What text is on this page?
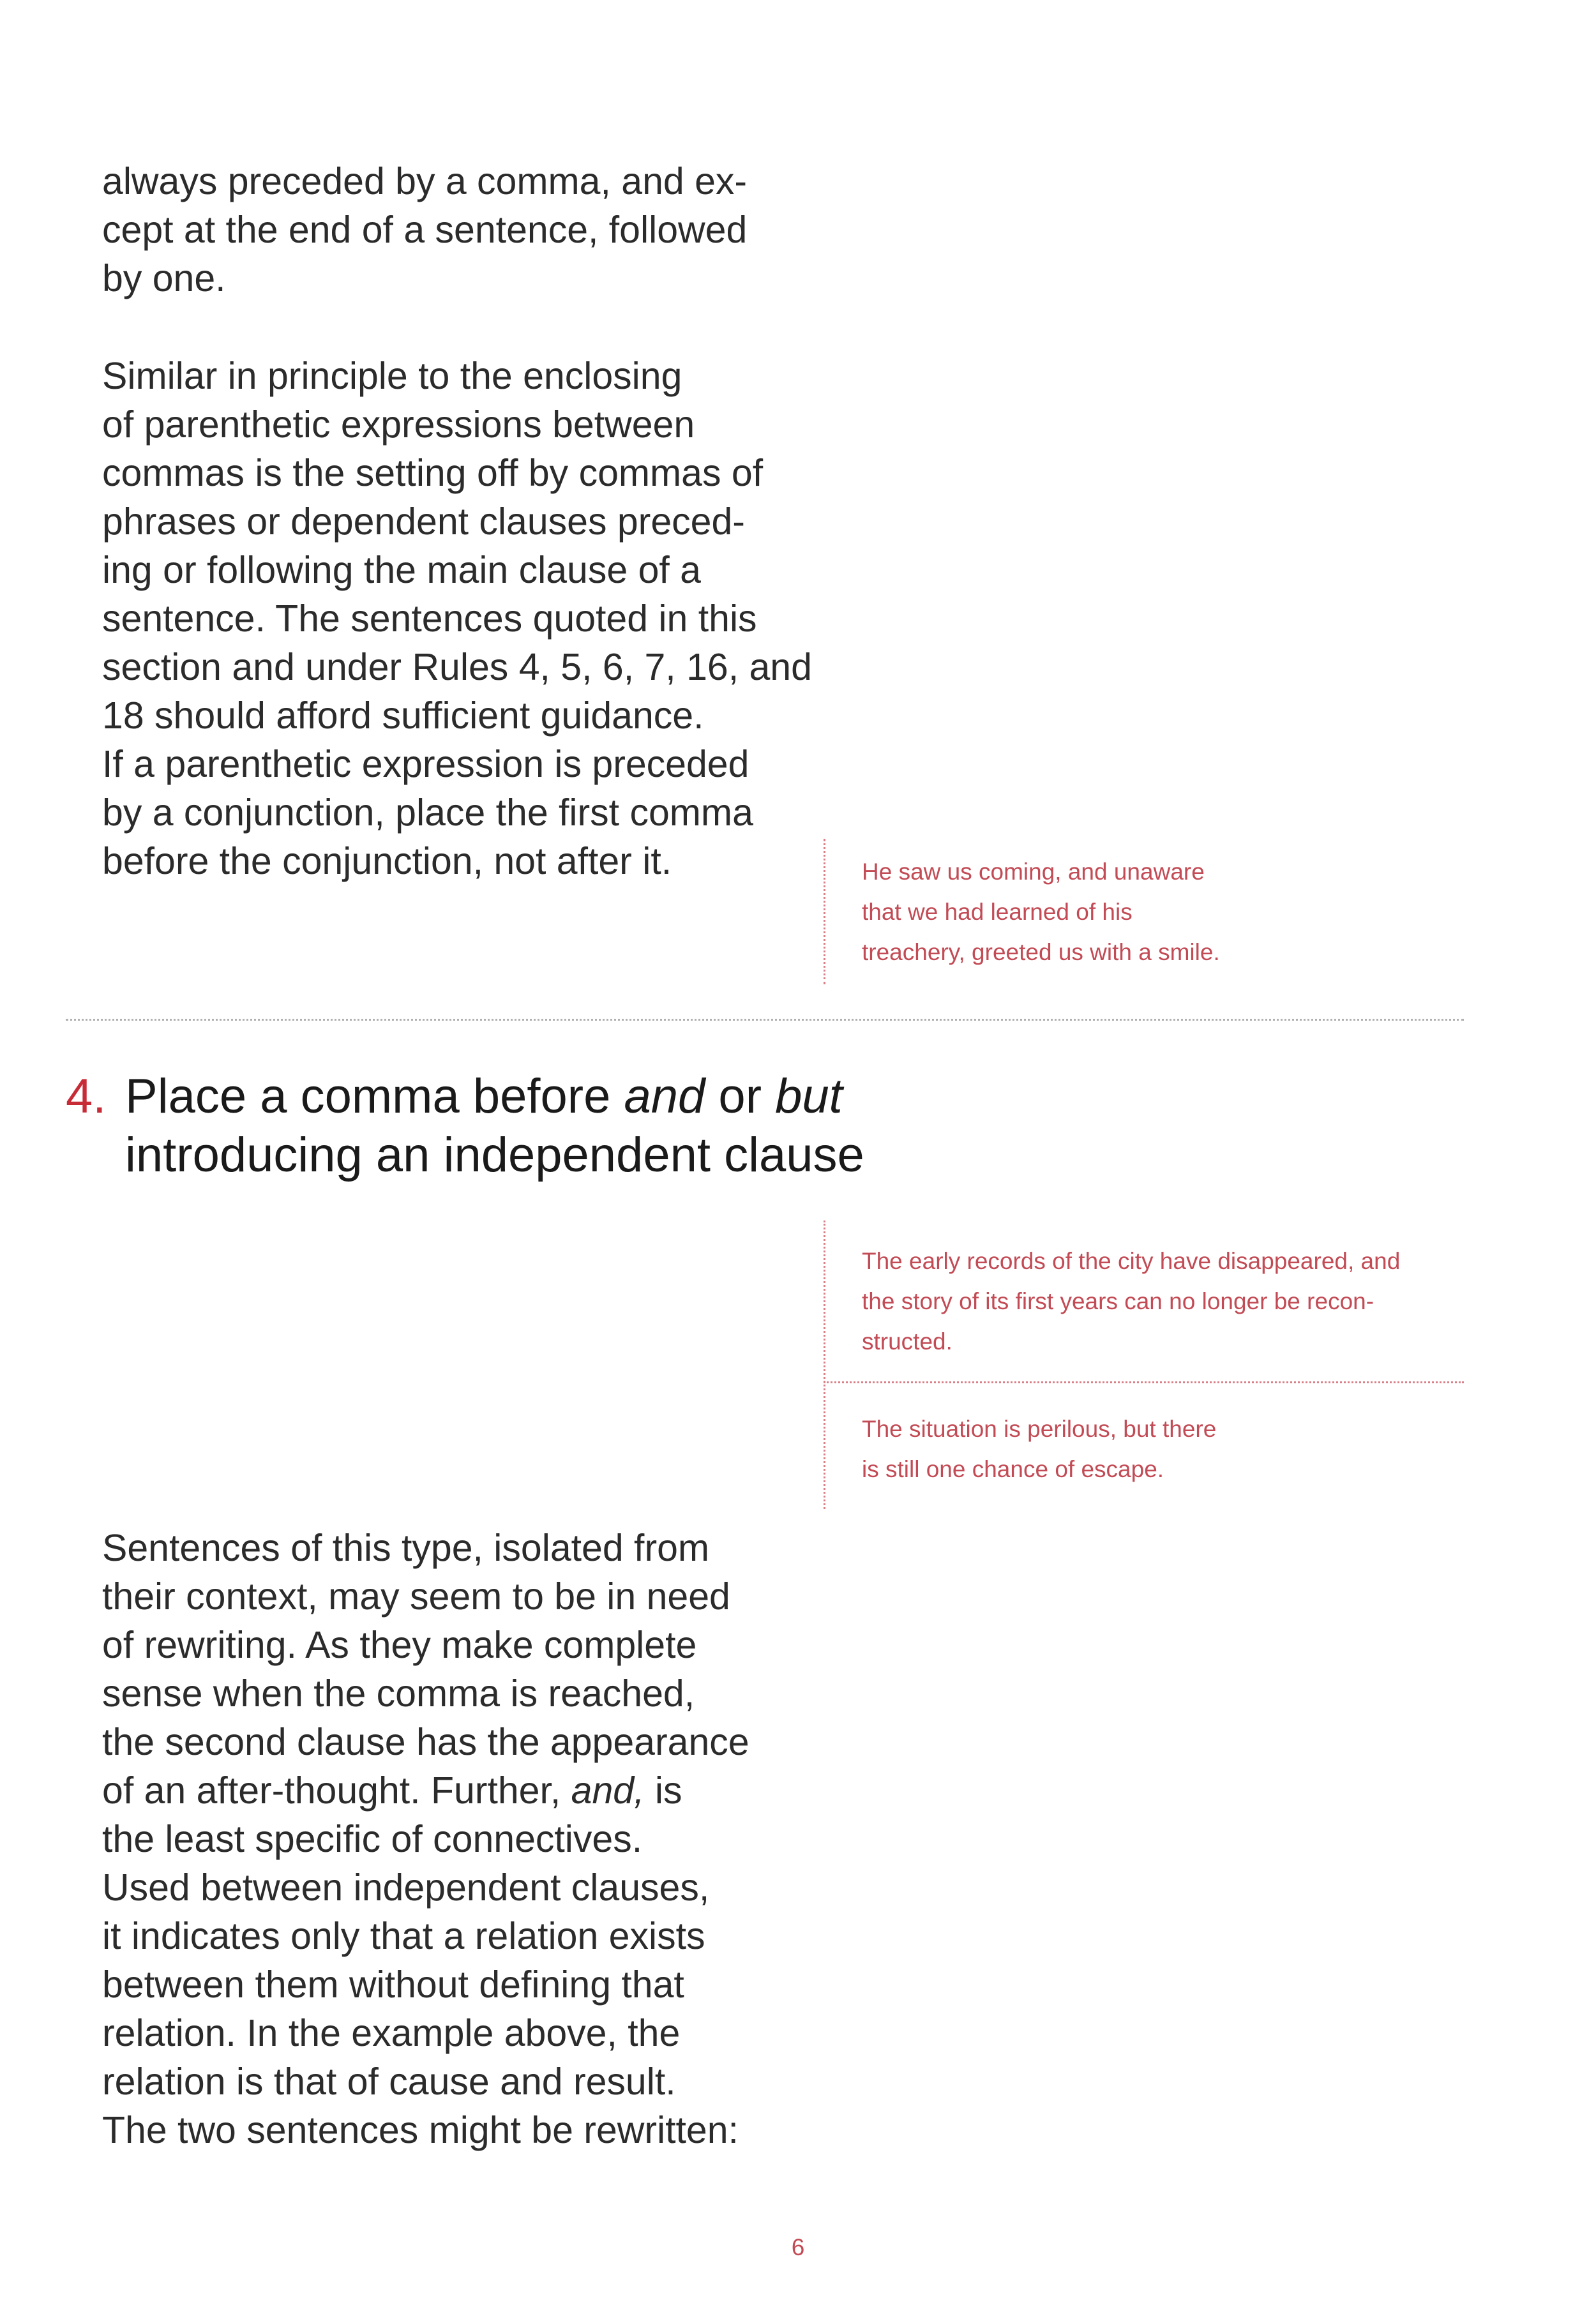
always preceded by a comma, and ex-
cept at the end of a sentence, followed
by one.
Similar in principle to the enclosing
of parenthetic expressions between
commas is the setting off by commas of
phrases or dependent clauses preced-
ing or following the main clause of a
sentence. The sentences quoted in this
section and under Rules 4, 5, 6, 7, 16, and
18 should afford sufficient guidance.
If a parenthetic expression is preceded
by a conjunction, place the first comma
before the conjunction, not after it.	He saw us coming, and unaware
that we had learned of his
treachery, greeted us with a smile.
4. Place a comma before and or but
introducing an independent clause
The early records of the city have disappeared, and
the story of its first years can no longer be recon-
structed.
The situation is perilous, but there
is still one chance of escape.
Sentences of this type, isolated from
their context, may seem to be in need
of rewriting. As they make complete
sense when the comma is reached,
the second clause has the appearance
of an after-thought. Further, and, is
the least specific of connectives.
Used between independent clauses,
it indicates only that a relation exists
between them without defining that
relation. In the example above, the
relation is that of cause and result.
The two sentences might be rewritten:
6
